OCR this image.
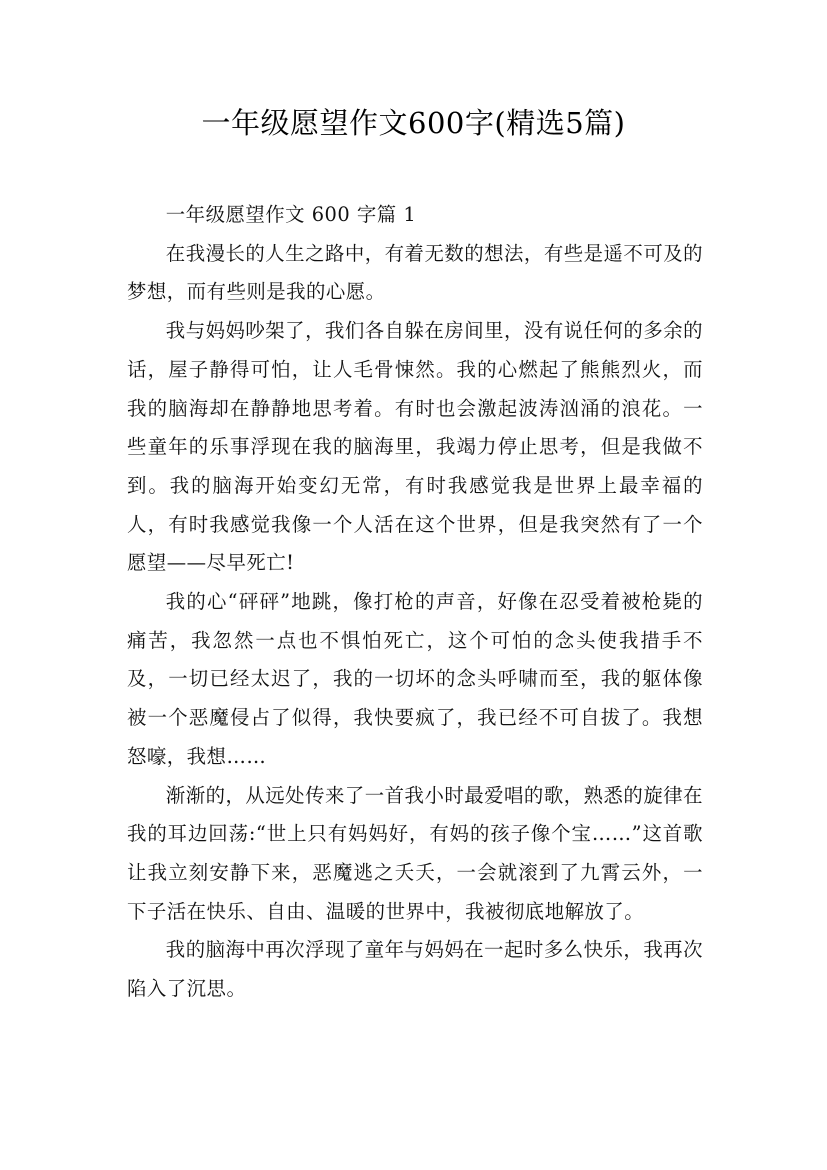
一年级愿望作文600字(精选5篇)

一年级愿望作文 600 字篇 1

在我漫长的人生之路中，有着无数的想法，有些是遥不可及的梦想，而有些则是我的心愿。

我与妈妈吵架了，我们各自躲在房间里，没有说任何的多余的话，屋子静得可怕，让人毛骨悚然。我的心燃起了熊熊烈火，而我的脑海却在静静地思考着。有时也会激起波涛汹涌的浪花。一些童年的乐事浮现在我的脑海里，我竭力停止思考，但是我做不到。我的脑海开始变幻无常，有时我感觉我是世界上最幸福的人，有时我感觉我像一个人活在这个世界，但是我突然有了一个愿望——尽早死亡!

我的心“砰砰”地跳，像打枪的声音，好像在忍受着被枪毙的痛苦，我忽然一点也不惧怕死亡，这个可怕的念头使我措手不及，一切已经太迟了，我的一切坏的念头呼啸而至，我的躯体像被一个恶魔侵占了似得，我快要疯了，我已经不可自拔了。我想怒嚎，我想……

渐渐的，从远处传来了一首我小时最爱唱的歌，熟悉的旋律在我的耳边回荡:“世上只有妈妈好，有妈的孩子像个宝……”这首歌让我立刻安静下来，恶魔逃之夭夭，一会就滚到了九霄云外，一下子活在快乐、自由、温暖的世界中，我被彻底地解放了。

我的脑海中再次浮现了童年与妈妈在一起时多么快乐，我再次陷入了沉思。
